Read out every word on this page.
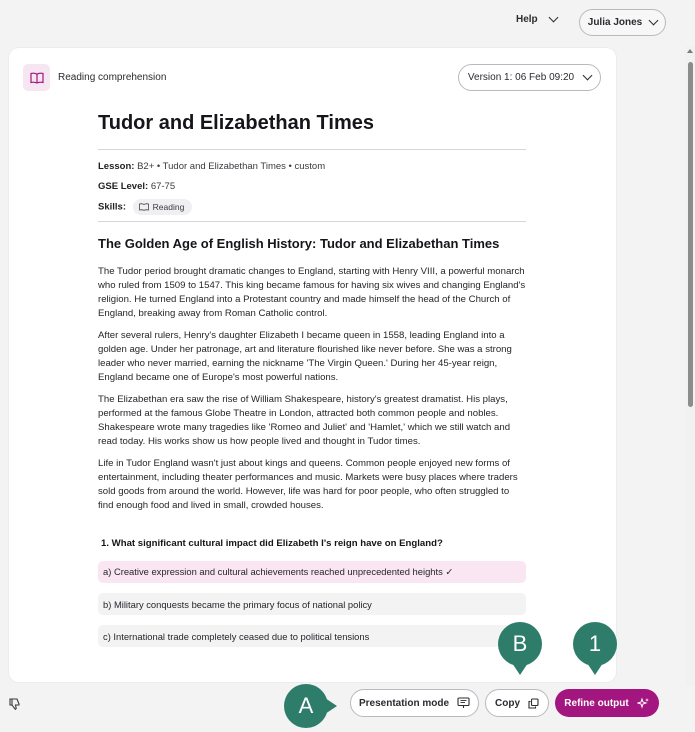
Help	Julia Jones
Reading comprehension	Version 1: 06 Feb 09:20
Tudor and Elizabethan Times
Lesson: B2+ • Tudor and Elizabethan Times • custom
GSE Level: 67-75
Skills:	Reading
The Golden Age of English History: Tudor and Elizabethan Times

The Tudor period brought dramatic changes to England, starting with Henry VIII, a powerful monarch who ruled from 1509 to 1547. This king became famous for having six wives and changing England's religion. He turned England into a Protestant country and made himself the head of the Church of England, breaking away from Roman Catholic control.

After several rulers, Henry's daughter Elizabeth I became queen in 1558, leading England into a golden age. Under her patronage, art and literature flourished like never before. She was a strong leader who never married, earning the nickname 'The Virgin Queen.' During her 45-year reign, England became one of Europe's most powerful nations.

The Elizabethan era saw the rise of William Shakespeare, history's greatest dramatist. His plays, performed at the famous Globe Theatre in London, attracted both common people and nobles. Shakespeare wrote many tragedies like 'Romeo and Juliet' and 'Hamlet,' which we still watch and read today. His works show us how people lived and thought in Tudor times.

Life in Tudor England wasn't just about kings and queens. Common people enjoyed new forms of entertainment, including theater performances and music. Markets were busy places where traders sold goods from around the world. However, life was hard for poor people, who often struggled to find enough food and lived in small, crowded houses.

1. What significant cultural impact did Elizabeth I's reign have on England?
a) Creative expression and cultural achievements reached unprecedented heights ✓
b) Military conquests became the primary focus of national policy
c) International trade completely ceased due to political tensions
Presentation mode	Copy	Refine output
A
B	1
